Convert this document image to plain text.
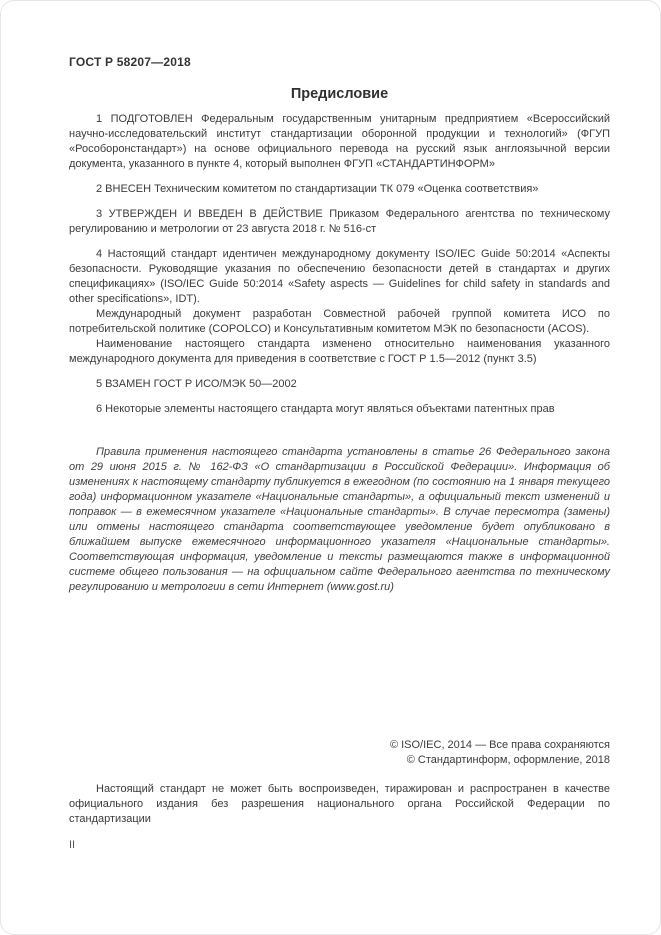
ГОСТ Р 58207—2018
Предисловие

1 ПОДГОТОВЛЕН Федеральным государственным унитарным предприятием «Всероссийский научно-исследовательский институт стандартизации оборонной продукции и технологий» (ФГУП «Рособоронстандарт») на основе официального перевода на русский язык англоязычной версии документа, указанного в пункте 4, который выполнен ФГУП «СТАНДАРТИНФОРМ»

2 ВНЕСЕН Техническим комитетом по стандартизации ТК 079 «Оценка соответствия»

3 УТВЕРЖДЕН И ВВЕДЕН В ДЕЙСТВИЕ Приказом Федерального агентства по техническому регулированию и метрологии от 23 августа 2018 г. № 516-ст

4 Настоящий стандарт идентичен международному документу ISO/IEC Guide 50:2014 «Аспекты безопасности. Руководящие указания по обеспечению безопасности детей в стандартах и других спецификациях» (ISO/IEC Guide 50:2014 «Safety aspects — Guidelines for child safety in standards and other specifications», IDT).

Международный документ разработан Совместной рабочей группой комитета ИСО по потребительской политике (COPOLCO) и Консультативным комитетом МЭК по безопасности (ACOS).

Наименование настоящего стандарта изменено относительно наименования указанного международного документа для приведения в соответствие с ГОСТ Р 1.5—2012 (пункт 3.5)

5 ВЗАМЕН ГОСТ Р ИСО/МЭК 50—2002

6 Некоторые элементы настоящего стандарта могут являться объектами патентных прав

Правила применения настоящего стандарта установлены в статье 26 Федерального закона от 29 июня 2015 г. № 162-ФЗ «О стандартизации в Российской Федерации». Информация об изменениях к настоящему стандарту публикуется в ежегодном (по состоянию на 1 января текущего года) информационном указателе «Национальные стандарты», а официальный текст изменений и поправок — в ежемесячном указателе «Национальные стандарты». В случае пересмотра (замены) или отмены настоящего стандарта соответствующее уведомление будет опубликовано в ближайшем выпуске ежемесячного информационного указателя «Национальные стандарты». Соответствующая информация, уведомление и тексты размещаются также в информационной системе общего пользования — на официальном сайте Федерального агентства по техническому регулированию и метрологии в сети Интернет (www.gost.ru)

© ISO/IEC, 2014 — Все права сохраняются
© Стандартинформ, оформление, 2018

Настоящий стандарт не может быть воспроизведен, тиражирован и распространен в качестве официального издания без разрешения национального органа Российской Федерации по стандартизации

II
